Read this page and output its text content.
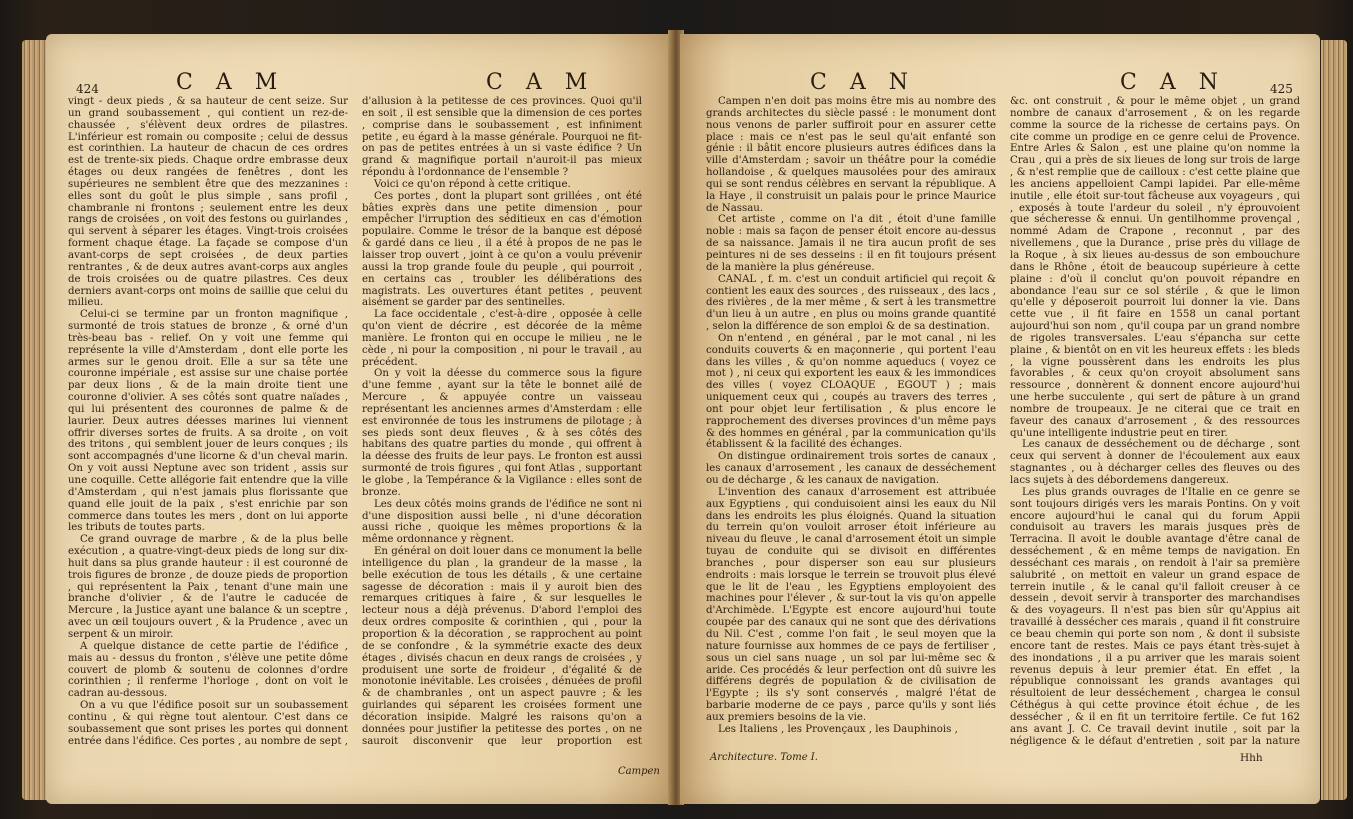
424	C A M	C A M

vingt - deux pieds , & sa hauteur de cent seize. Sur un grand soubassement , qui contient un rez-de-chaussée , s'élèvent deux ordres de pilastres. L'inférieur est romain ou composite ; celui de dessus est corinthien. La hauteur de chacun de ces ordres est de trente-six pieds. Chaque ordre embrasse deux étages ou deux rangées de fenêtres , dont les supérieures ne semblent être que des mezzanines : elles sont du goût le plus simple , sans profil , chambranle ni frontons ; seulement entre les deux rangs de croisées , on voit des festons ou guirlandes , qui servent à séparer les étages. Vingt-trois croisées forment chaque étage. La façade se compose d'un avant-corps de sept croisées , de deux parties rentrantes , & de deux autres avant-corps aux angles de trois croisées ou de quatre pilastres. Ces deux derniers avant-corps ont moins de saillie que celui du milieu.

Celui-ci se termine par un fronton magnifique , surmonté de trois statues de bronze , & orné d'un très-beau bas - relief. On y voit une femme qui représente la ville d'Amsterdam , dont elle porte les armes sur le genou droit. Elle a sur sa tête une couronne impériale , est assise sur une chaise portée par deux lions , & de la main droite tient une couronne d'olivier. A ses côtés sont quatre naïades , qui lui présentent des couronnes de palme & de laurier. Deux autres déesses marines lui viennent offrir diverses sortes de fruits. A sa droite , on voit des tritons , qui semblent jouer de leurs conques ; ils sont accompagnés d'une licorne & d'un cheval marin. On y voit aussi Neptune avec son trident , assis sur une coquille. Cette allégorie fait entendre que la ville d'Amsterdam , qui n'est jamais plus florissante que quand elle jouit de la paix , s'est enrichie par son commerce dans toutes les mers , dont on lui apporte les tributs de toutes parts.

Ce grand ouvrage de marbre , & de la plus belle exécution , a quatre-vingt-deux pieds de long sur dix-huit dans sa plus grande hauteur : il est couronné de trois figures de bronze , de douze pieds de proportion , qui représentent la Paix , tenant d'une main une branche d'olivier , & de l'autre le caducée de Mercure , la Justice ayant une balance & un sceptre , avec un œil toujours ouvert , & la Prudence , avec un serpent & un miroir.

A quelque distance de cette partie de l'édifice , mais au - dessus du fronton , s'élève une petite dôme couvert de plomb & soutenu de colonnes d'ordre corinthien ; il renferme l'horloge , dont on voit le cadran au-dessous.

On a vu que l'édifice posoit sur un soubassement continu , & qui règne tout alentour. C'est dans ce soubassement que sont prises les portes qui donnent entrée dans l'édifice. Ces portes , au nombre de sept ,

d'allusion à la petitesse de ces provinces. Quoi qu'il en soit , il est sensible que la dimension de ces portes , comprise dans le soubassement , est infiniment petite , eu égard à la masse générale. Pourquoi ne fit-on pas de petites entrées à un si vaste édifice ? Un grand & magnifique portail n'auroit-il pas mieux répondu à l'ordonnance de l'ensemble ?

Voici ce qu'on répond à cette critique.

Ces portes , dont la plupart sont grillées , ont été bâties exprès dans une petite dimension , pour empêcher l'irruption des séditieux en cas d'émotion populaire. Comme le trésor de la banque est déposé & gardé dans ce lieu , il a été à propos de ne pas le laisser trop ouvert , joint à ce qu'on a voulu prévenir aussi la trop grande foule du peuple , qui pourroit , en certains cas , troubler les délibérations des magistrats. Les ouvertures étant petites , peuvent aisément se garder par des sentinelles.

La face occidentale , c'est-à-dire , opposée à celle qu'on vient de décrire , est décorée de la même manière. Le fronton qui en occupe le milieu , ne le cède , ni pour la composition , ni pour le travail , au précédent.

On y voit la déesse du commerce sous la figure d'une femme , ayant sur la tête le bonnet ailé de Mercure , & appuyée contre un vaisseau représentant les anciennes armes d'Amsterdam : elle est environnée de tous les instrumens de pilotage ; à ses pieds sont deux fleuves , & à ses côtés des habitans des quatre parties du monde , qui offrent à la déesse des fruits de leur pays. Le fronton est aussi surmonté de trois figures , qui font Atlas , supportant le globe , la Tempérance & la Vigilance : elles sont de bronze.

Les deux côtés moins grands de l'édifice ne sont ni d'une disposition aussi belle , ni d'une décoration aussi riche , quoique les mêmes proportions & la même ordonnance y règnent.

En général on doit louer dans ce monument la belle intelligence du plan , la grandeur de la masse , la belle exécution de tous les détails , & une certaine sagesse de décoration : mais il y auroit bien des remarques critiques à faire , & sur lesquelles le lecteur nous a déjà prévenus. D'abord l'emploi des deux ordres composite & corinthien , qui , pour la proportion & la décoration , se rapprochent au point de se confondre , & la symmétrie exacte des deux étages , divisés chacun en deux rangs de croisées , y produisent une sorte de froideur , d'égalité & de monotonie inévitable. Les croisées , dénuées de profil & de chambranles , ont un aspect pauvre ; & les guirlandes qui séparent les croisées forment une décoration insipide. Malgré les raisons qu'on a données pour justifier la petitesse des portes , on ne sauroit disconvenir que leur proportion est

Campen
C A N	C A N	425

Campen n'en doit pas moins être mis au nombre des grands architectes du siècle passé : le monument dont nous venons de parler suffiroit pour en assurer cette place : mais ce n'est pas le seul qu'ait enfanté son génie : il bâtit encore plusieurs autres édifices dans la ville d'Amsterdam ; savoir un théâtre pour la comédie hollandoise , & quelques mausolées pour des amiraux qui se sont rendus célèbres en servant la république. A la Haye , il construisit un palais pour le prince Maurice de Nassau.

Cet artiste , comme on l'a dit , étoit d'une famille noble : mais sa façon de penser étoit encore au-dessus de sa naissance. Jamais il ne tira aucun profit de ses peintures ni de ses desseins : il en fit toujours présent de la manière la plus généreuse.

CANAL , f. m. c'est un conduit artificiel qui reçoit & contient les eaux des sources , des ruisseaux , des lacs , des rivières , de la mer même , & sert à les transmettre d'un lieu à un autre , en plus ou moins grande quantité , selon la différence de son emploi & de sa destination.

On n'entend , en général , par le mot canal , ni les conduits couverts & en maçonnerie , qui portent l'eau dans les villes , & qu'on nomme aqueducs ( voyez ce mot ) , ni ceux qui exportent les eaux & les immondices des villes ( voyez CLOAQUE , EGOUT ) ; mais uniquement ceux qui , coupés au travers des terres , ont pour objet leur fertilisation , & plus encore le rapprochement des diverses provinces d'un même pays & des hommes en général , par la communication qu'ils établissent & la facilité des échanges.

On distingue ordinairement trois sortes de canaux , les canaux d'arrosement , les canaux de desséchement ou de décharge , & les canaux de navigation.

L'invention des canaux d'arrosement est attribuée aux Egyptiens , qui conduisoient ainsi les eaux du Nil dans les endroits les plus éloignés. Quand la situation du terrein qu'on vouloit arroser étoit inférieure au niveau du fleuve , le canal d'arrosement étoit un simple tuyau de conduite qui se divisoit en différentes branches , pour disperser son eau sur plusieurs endroits : mais lorsque le terrein se trouvoit plus élevé que le lit de l'eau , les Egyptiens employoient des machines pour l'élever , & sur-tout la vis qu'on appelle d'Archimède. L'Egypte est encore aujourd'hui toute coupée par des canaux qui ne sont que des dérivations du Nil. C'est , comme l'on fait , le seul moyen que la nature fournisse aux hommes de ce pays de fertiliser , sous un ciel sans nuage , un sol par lui-même sec & aride. Ces procédés & leur perfection ont dû suivre les différens degrés de population & de civilisation de l'Egypte ; ils s'y sont conservés , malgré l'état de barbarie moderne de ce pays , parce qu'ils y sont liés aux premiers besoins de la vie.

Les Italiens , les Provençaux , les Dauphinois ,

&c. ont construit , & pour le même objet , un grand nombre de canaux d'arrosement , & on les regarde comme la source de la richesse de certains pays. On cite comme un prodige en ce genre celui de Provence. Entre Arles & Salon , est une plaine qu'on nomme la Crau , qui a près de six lieues de long sur trois de large , & n'est remplie que de cailloux : c'est cette plaine que les anciens appelloient Campi lapidei. Par elle-même inutile , elle étoit sur-tout fâcheuse aux voyageurs , qui , exposés à toute l'ardeur du soleil , n'y éprouvoient que sécheresse & ennui. Un gentilhomme provençal , nommé Adam de Crapone , reconnut , par des nivellemens , que la Durance , prise près du village de la Roque , à six lieues au-dessus de son embouchure dans le Rhône , étoit de beaucoup supérieure à cette plaine : d'où il conclut qu'on pouvoit répandre en abondance l'eau sur ce sol stérile , & que le limon qu'elle y déposeroit pourroit lui donner la vie. Dans cette vue , il fit faire en 1558 un canal portant aujourd'hui son nom , qu'il coupa par un grand nombre de rigoles transversales. L'eau s'épancha sur cette plaine , & bientôt on en vit les heureux effets : les bleds , la vigne poussèrent dans les endroits les plus favorables , & ceux qu'on croyoit absolument sans ressource , donnèrent & donnent encore aujourd'hui une herbe succulente , qui sert de pâture à un grand nombre de troupeaux. Je ne citerai que ce trait en faveur des canaux d'arrosement , & des ressources qu'une intelligente industrie peut en tirer.

Les canaux de desséchement ou de décharge , sont ceux qui servent à donner de l'écoulement aux eaux stagnantes , ou à décharger celles des fleuves ou des lacs sujets à des débordemens dangereux.

Les plus grands ouvrages de l'Italie en ce genre se sont toujours dirigés vers les marais Pontins. On y voit encore aujourd'hui le canal qui du forum Appii conduisoit au travers les marais jusques près de Terracina. Il avoit le double avantage d'être canal de desséchement , & en même temps de navigation. En desséchant ces marais , on rendoit à l'air sa première salubrité , on mettoit en valeur un grand espace de terrein inutile , & le canal qu'il falloit creuser à ce dessein , devoit servir à transporter des marchandises & des voyageurs. Il n'est pas bien sûr qu'Appius ait travaillé à dessécher ces marais , quand il fit construire ce beau chemin qui porte son nom , & dont il subsiste encore tant de restes. Mais ce pays étant très-sujet à des inondations , il a pu arriver que les marais soient revenus depuis à leur premier état. En effet , la république connoissant les grands avantages qui résultoient de leur desséchement , chargea le consul Céthégus à qui cette province étoit échue , de les dessécher , & il en fit un territoire fertile. Ce fut 162 ans avant J. C. Ce travail devint inutile , soit par la négligence & le défaut d'entretien , soit par la nature

Architecture. Tome I.	Hhh
